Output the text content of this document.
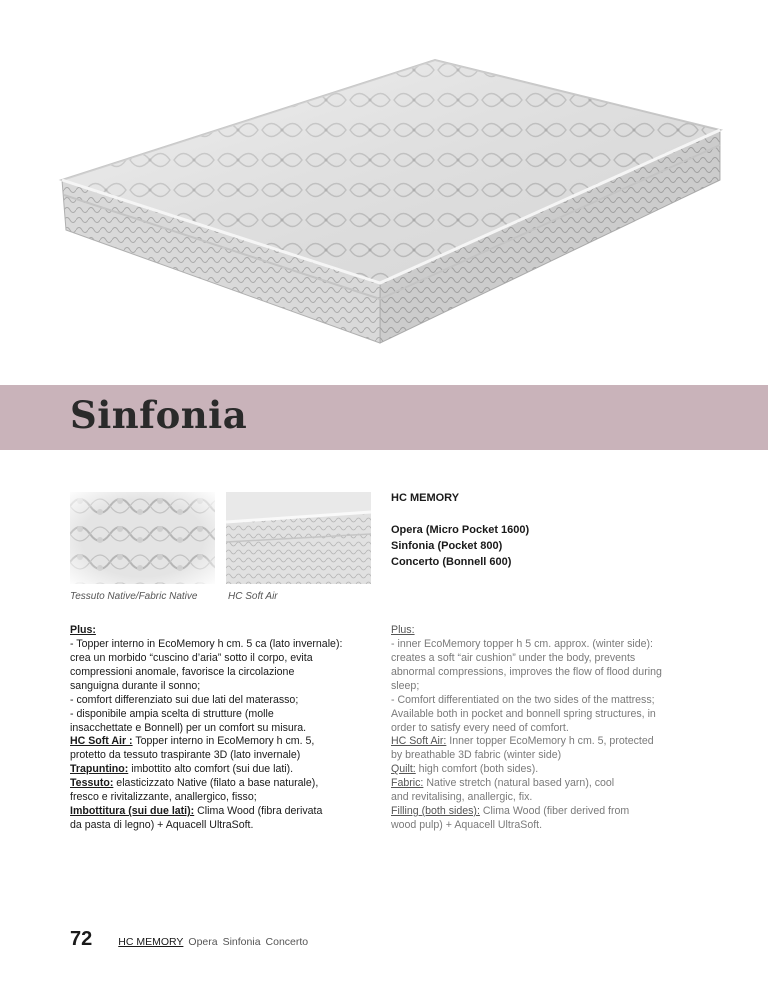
Sinfonia
Tessuto Native/Fabric Native	HC Soft Air
HC MEMORY
Opera (Micro Pocket 1600)
Sinfonia (Pocket 800)
Concerto (Bonnell 600)

Plus:

- Topper interno in EcoMemory h cm. 5 ca (lato invernale):

crea un morbido “cuscino d’aria” sotto il corpo, evita

compressioni anomale, favorisce la circolazione

sanguigna durante il sonno;

- comfort differenziato sui due lati del materasso;

- disponibile ampia scelta di strutture (molle

insacchettate e Bonnell) per un comfort su misura.

Plus:

- inner EcoMemory topper h 5 cm. approx. (winter side):

creates a soft “air cushion” under the body, prevents

abnormal compressions, improves the flow of flood during

sleep;

- Comfort differentiated on the two sides of the mattress;

Available both in pocket and bonnell spring structures, in

order to satisfy every need of comfort.

HC Soft Air : Topper interno in EcoMemory h cm. 5,

protetto da tessuto traspirante 3D (lato invernale)

Trapuntino: imbottito alto comfort (sui due lati).

Tessuto: elasticizzato Native (filato a base naturale),

fresco e rivitalizzante, anallergico, fisso;

Imbottitura (sui due lati): Clima Wood (fibra derivata

da pasta di legno) + Aquacell UltraSoft.

HC Soft Air: Inner topper EcoMemory h cm. 5, protected

by breathable 3D fabric (winter side)

Quilt: high comfort (both sides).

Fabric: Native stretch (natural based yarn), cool

and revitalising, anallergic, fix.

Filling (both sides): Clima Wood (fiber derived from

wood pulp) + Aquacell UltraSoft.

72 HC MEMORY Opera Sinfonia Concerto
